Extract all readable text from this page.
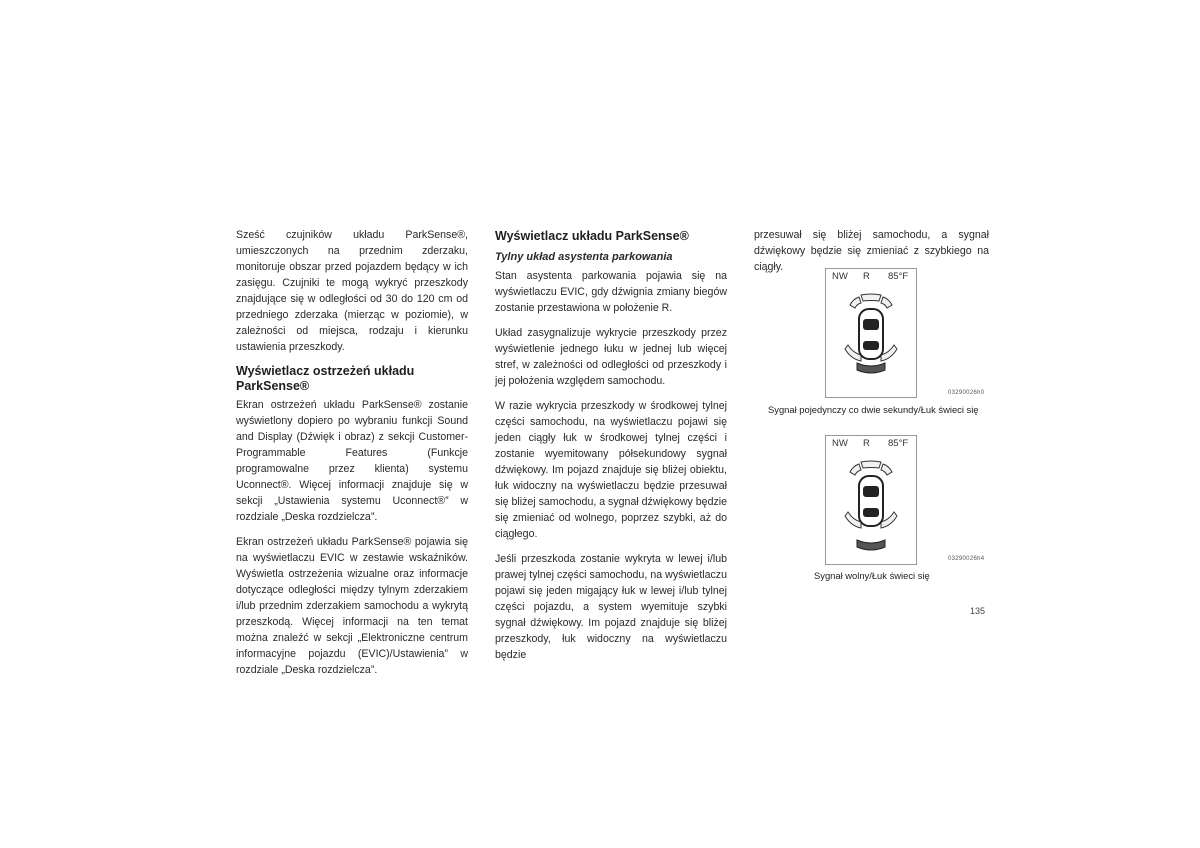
Sześć czujników układu ParkSense®, umieszczonych na przednim zderzaku, monitoruje obszar przed pojazdem będący w ich zasięgu. Czujniki te mogą wykryć przeszkody znajdujące się w odległości od 30 do 120 cm od przedniego zderzaka (mierząc w poziomie), w zależności od miejsca, rodzaju i kierunku ustawienia przeszkody.

Wyświetlacz ostrzeżeń układu ParkSense®

Ekran ostrzeżeń układu ParkSense® zostanie wyświetlony dopiero po wybraniu funkcji Sound and Display (Dźwięk i obraz) z sekcji Customer-Programmable Features (Funkcje programowalne przez klienta) systemu Uconnect®. Więcej informacji znajduje się w sekcji „Ustawienia systemu Uconnect®” w rozdziale „Deska rozdzielcza”.

Ekran ostrzeżeń układu ParkSense® pojawia się na wyświetlaczu EVIC w zestawie wskaźników. Wyświetla ostrzeżenia wizualne oraz informacje dotyczące odległości między tylnym zderzakiem i/lub przednim zderzakiem samochodu a wykrytą przeszkodą. Więcej informacji na ten temat można znaleźć w sekcji „Elektroniczne centrum informacyjne pojazdu (EVIC)/Ustawienia” w rozdziale „Deska rozdzielcza”.

Wyświetlacz układu ParkSense®
Tylny układ asystenta parkowania

Stan asystenta parkowania pojawia się na wyświetlaczu EVIC, gdy dźwignia zmiany biegów zostanie przestawiona w położenie R.

Układ zasygnalizuje wykrycie przeszkody przez wyświetlenie jednego łuku w jednej lub więcej stref, w zależności od odległości od przeszkody i jej położenia względem samochodu.

W razie wykrycia przeszkody w środkowej tylnej części samochodu, na wyświetlaczu pojawi się jeden ciągły łuk w środkowej tylnej części i zostanie wyemitowany półsekundowy sygnał dźwiękowy. Im pojazd znajduje się bliżej obiektu, łuk widoczny na wyświetlaczu będzie przesuwał się bliżej samochodu, a sygnał dźwiękowy będzie się zmieniać od wolnego, poprzez szybki, aż do ciągłego.

Jeśli przeszkoda zostanie wykryta w lewej i/lub prawej tylnej części samochodu, na wyświetlaczu pojawi się jeden migający łuk w lewej i/lub tylnej części pojazdu, a system wyemituje szybki sygnał dźwiękowy. Im pojazd znajduje się bliżej przeszkody, łuk widoczny na wyświetlaczu będzie

przesuwał się bliżej samochodu, a sygnał dźwiękowy będzie się zmieniać z szybkiego na ciągły.

NW R 85°F
03290026h0
Sygnał pojedynczy co dwie sekundy/Łuk świeci się
NW R 85°F
03290026h4
Sygnał wolny/Łuk świeci się
135
